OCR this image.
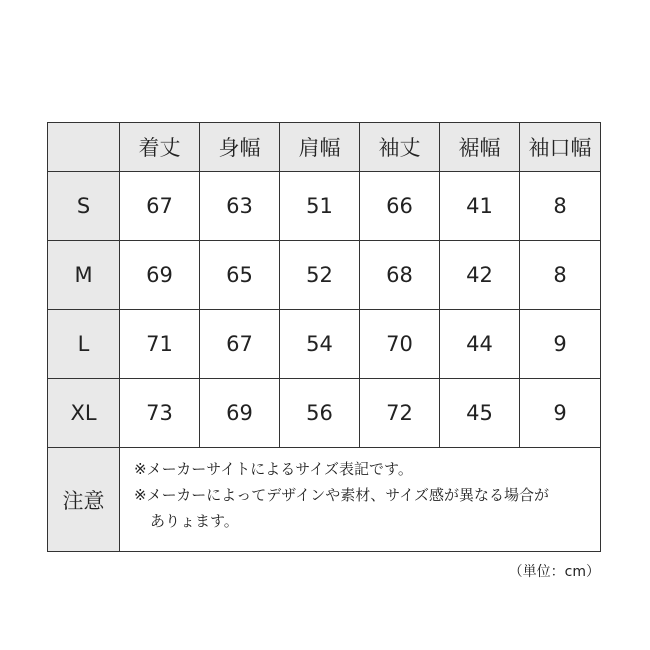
	着丈	身幅	肩幅	袖丈	裾幅	袖口幅
S	67	63	51	66	41	8
M	69	65	52	68	42	8
L	71	67	54	70	44	9
XL	73	69	56	72	45	9
注意	※メーカーサイトによるサイズ表記です。
※メーカーによってデザインや素材、サイズ感が異なる場合が
ありょます。					
（単位：cm）
